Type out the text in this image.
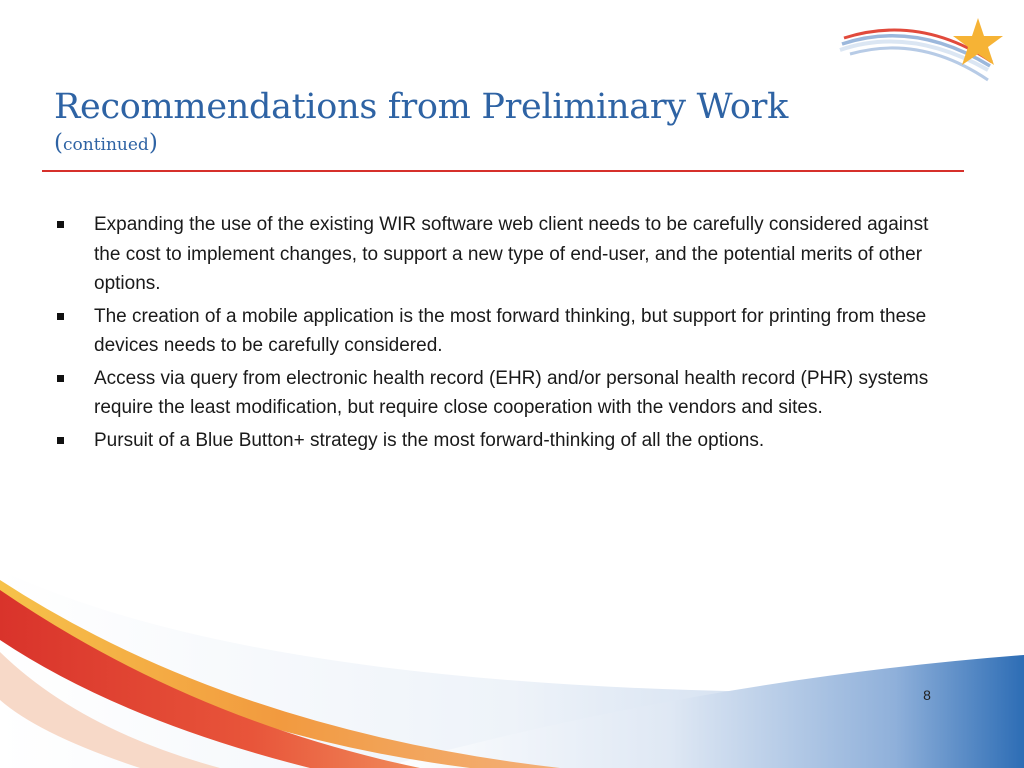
Recommendations from Preliminary Work
(continued)
Expanding the use of the existing WIR software web client needs to be carefully considered against the cost to implement changes, to support a new type of end-user, and the potential merits of other options.
The creation of a mobile application is the most forward thinking, but support for printing from these devices needs to be carefully considered.
Access via query from electronic health record (EHR) and/or personal health record (PHR) systems require the least modification, but require close cooperation with the vendors and sites.
Pursuit of a Blue Button+ strategy is the most forward-thinking of all the options.
8
